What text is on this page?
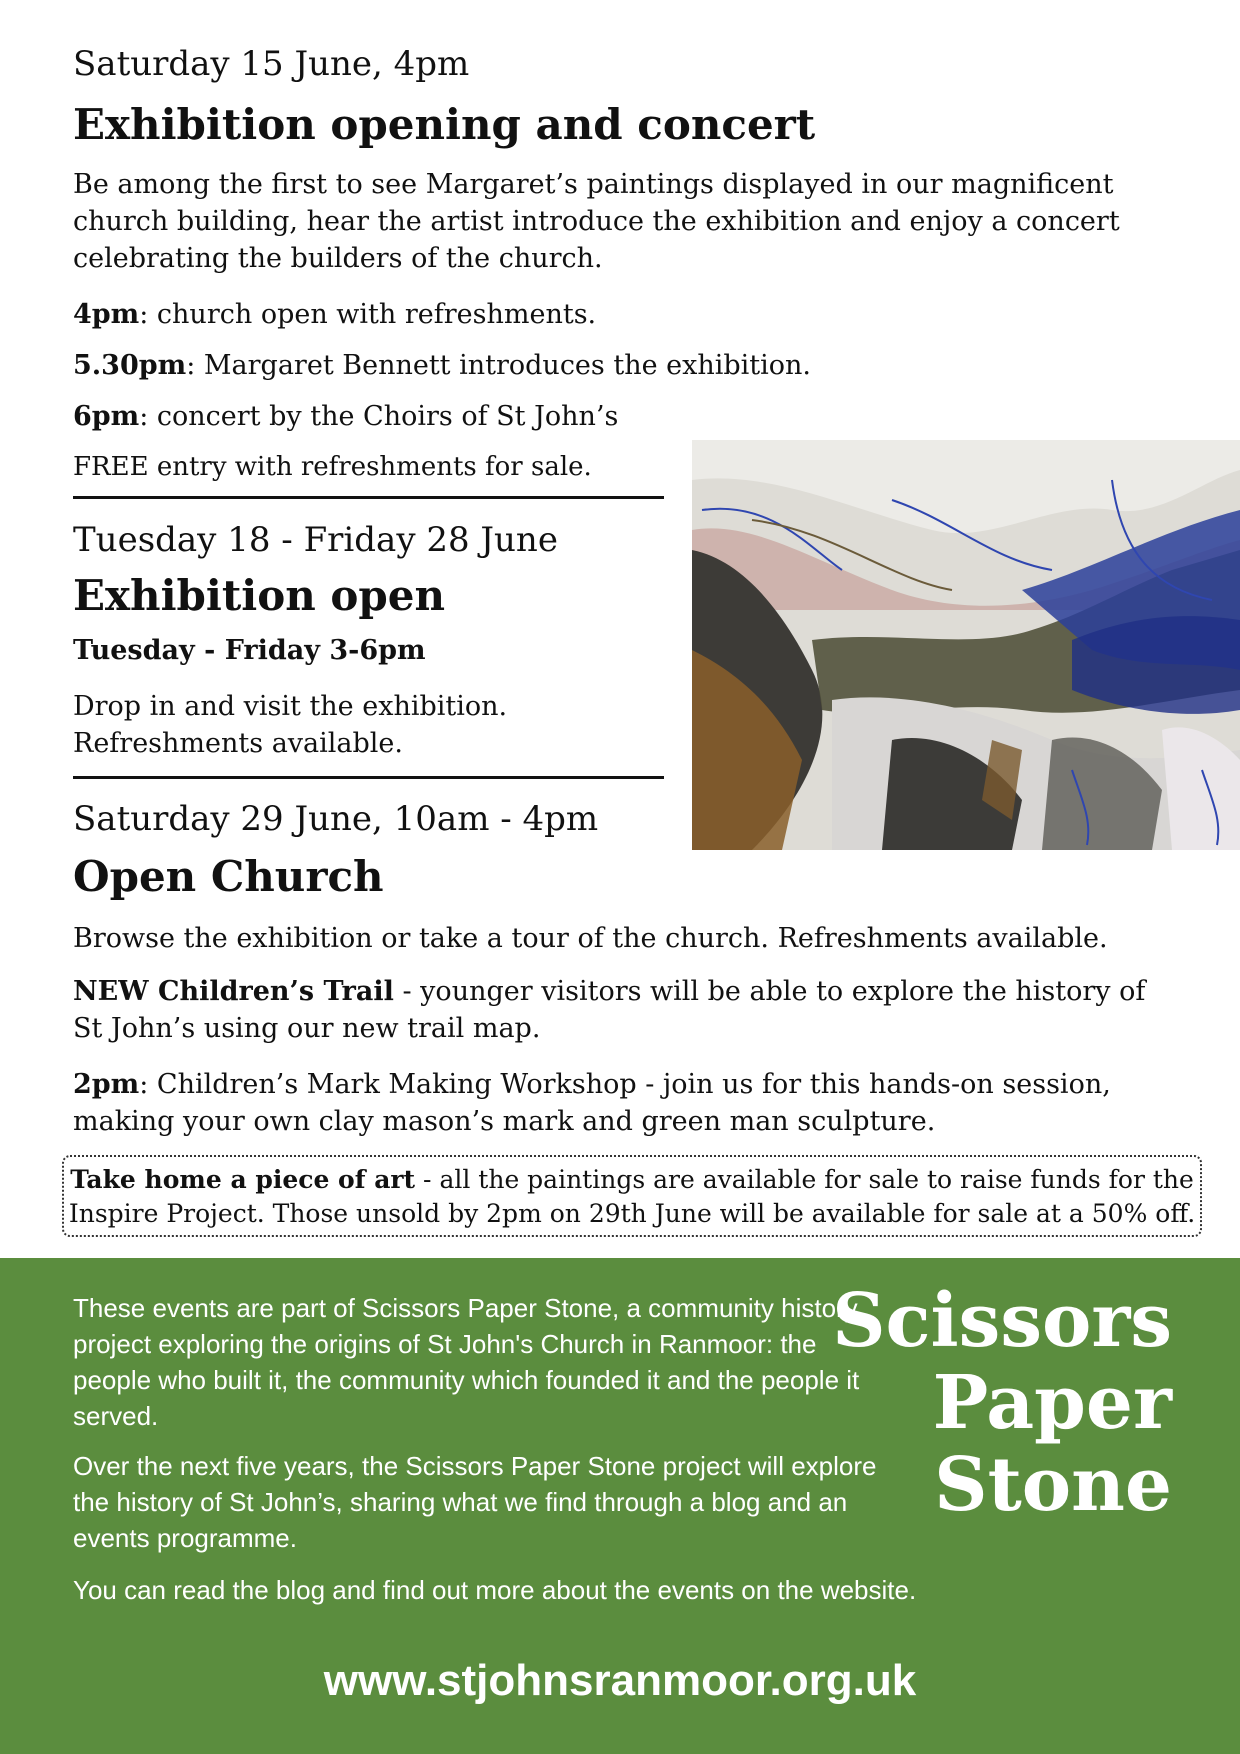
Saturday 15 June, 4pm
Exhibition opening and concert

Be among the first to see Margaret’s paintings displayed in our magnificent church building, hear the artist introduce the exhibition and enjoy a concert celebrating the builders of the church.

4pm: church open with refreshments.

5.30pm: Margaret Bennett introduces the exhibition.

6pm: concert by the Choirs of St John’s

FREE entry with refreshments for sale.

Tuesday 18 - Friday 28 June
Exhibition open
Tuesday - Friday 3-6pm

Drop in and visit the exhibition.

Refreshments available.

Saturday 29 June, 10am - 4pm
Open Church

Browse the exhibition or take a tour of the church. Refreshments available.

NEW Children’s Trail - younger visitors will be able to explore the history of St John’s using our new trail map.

2pm: Children’s Mark Making Workshop - join us for this hands-on session, making your own clay mason’s mark and green man sculpture.

Take home a piece of art - all the paintings are available for sale to raise funds for the Inspire Project. Those unsold by 2pm on 29th June will be available for sale at a 50% off.

These events are part of Scissors Paper Stone, a community history project exploring the origins of St John's Church in Ranmoor: the people who built it, the community which founded it and the people it served.

Over the next five years, the Scissors Paper Stone project will explore the history of St John’s, sharing what we find through a blog and an events programme.

You can read the blog and find out more about the events on the website.

Scissors
Paper
Stone
www.stjohnsranmoor.org.uk
